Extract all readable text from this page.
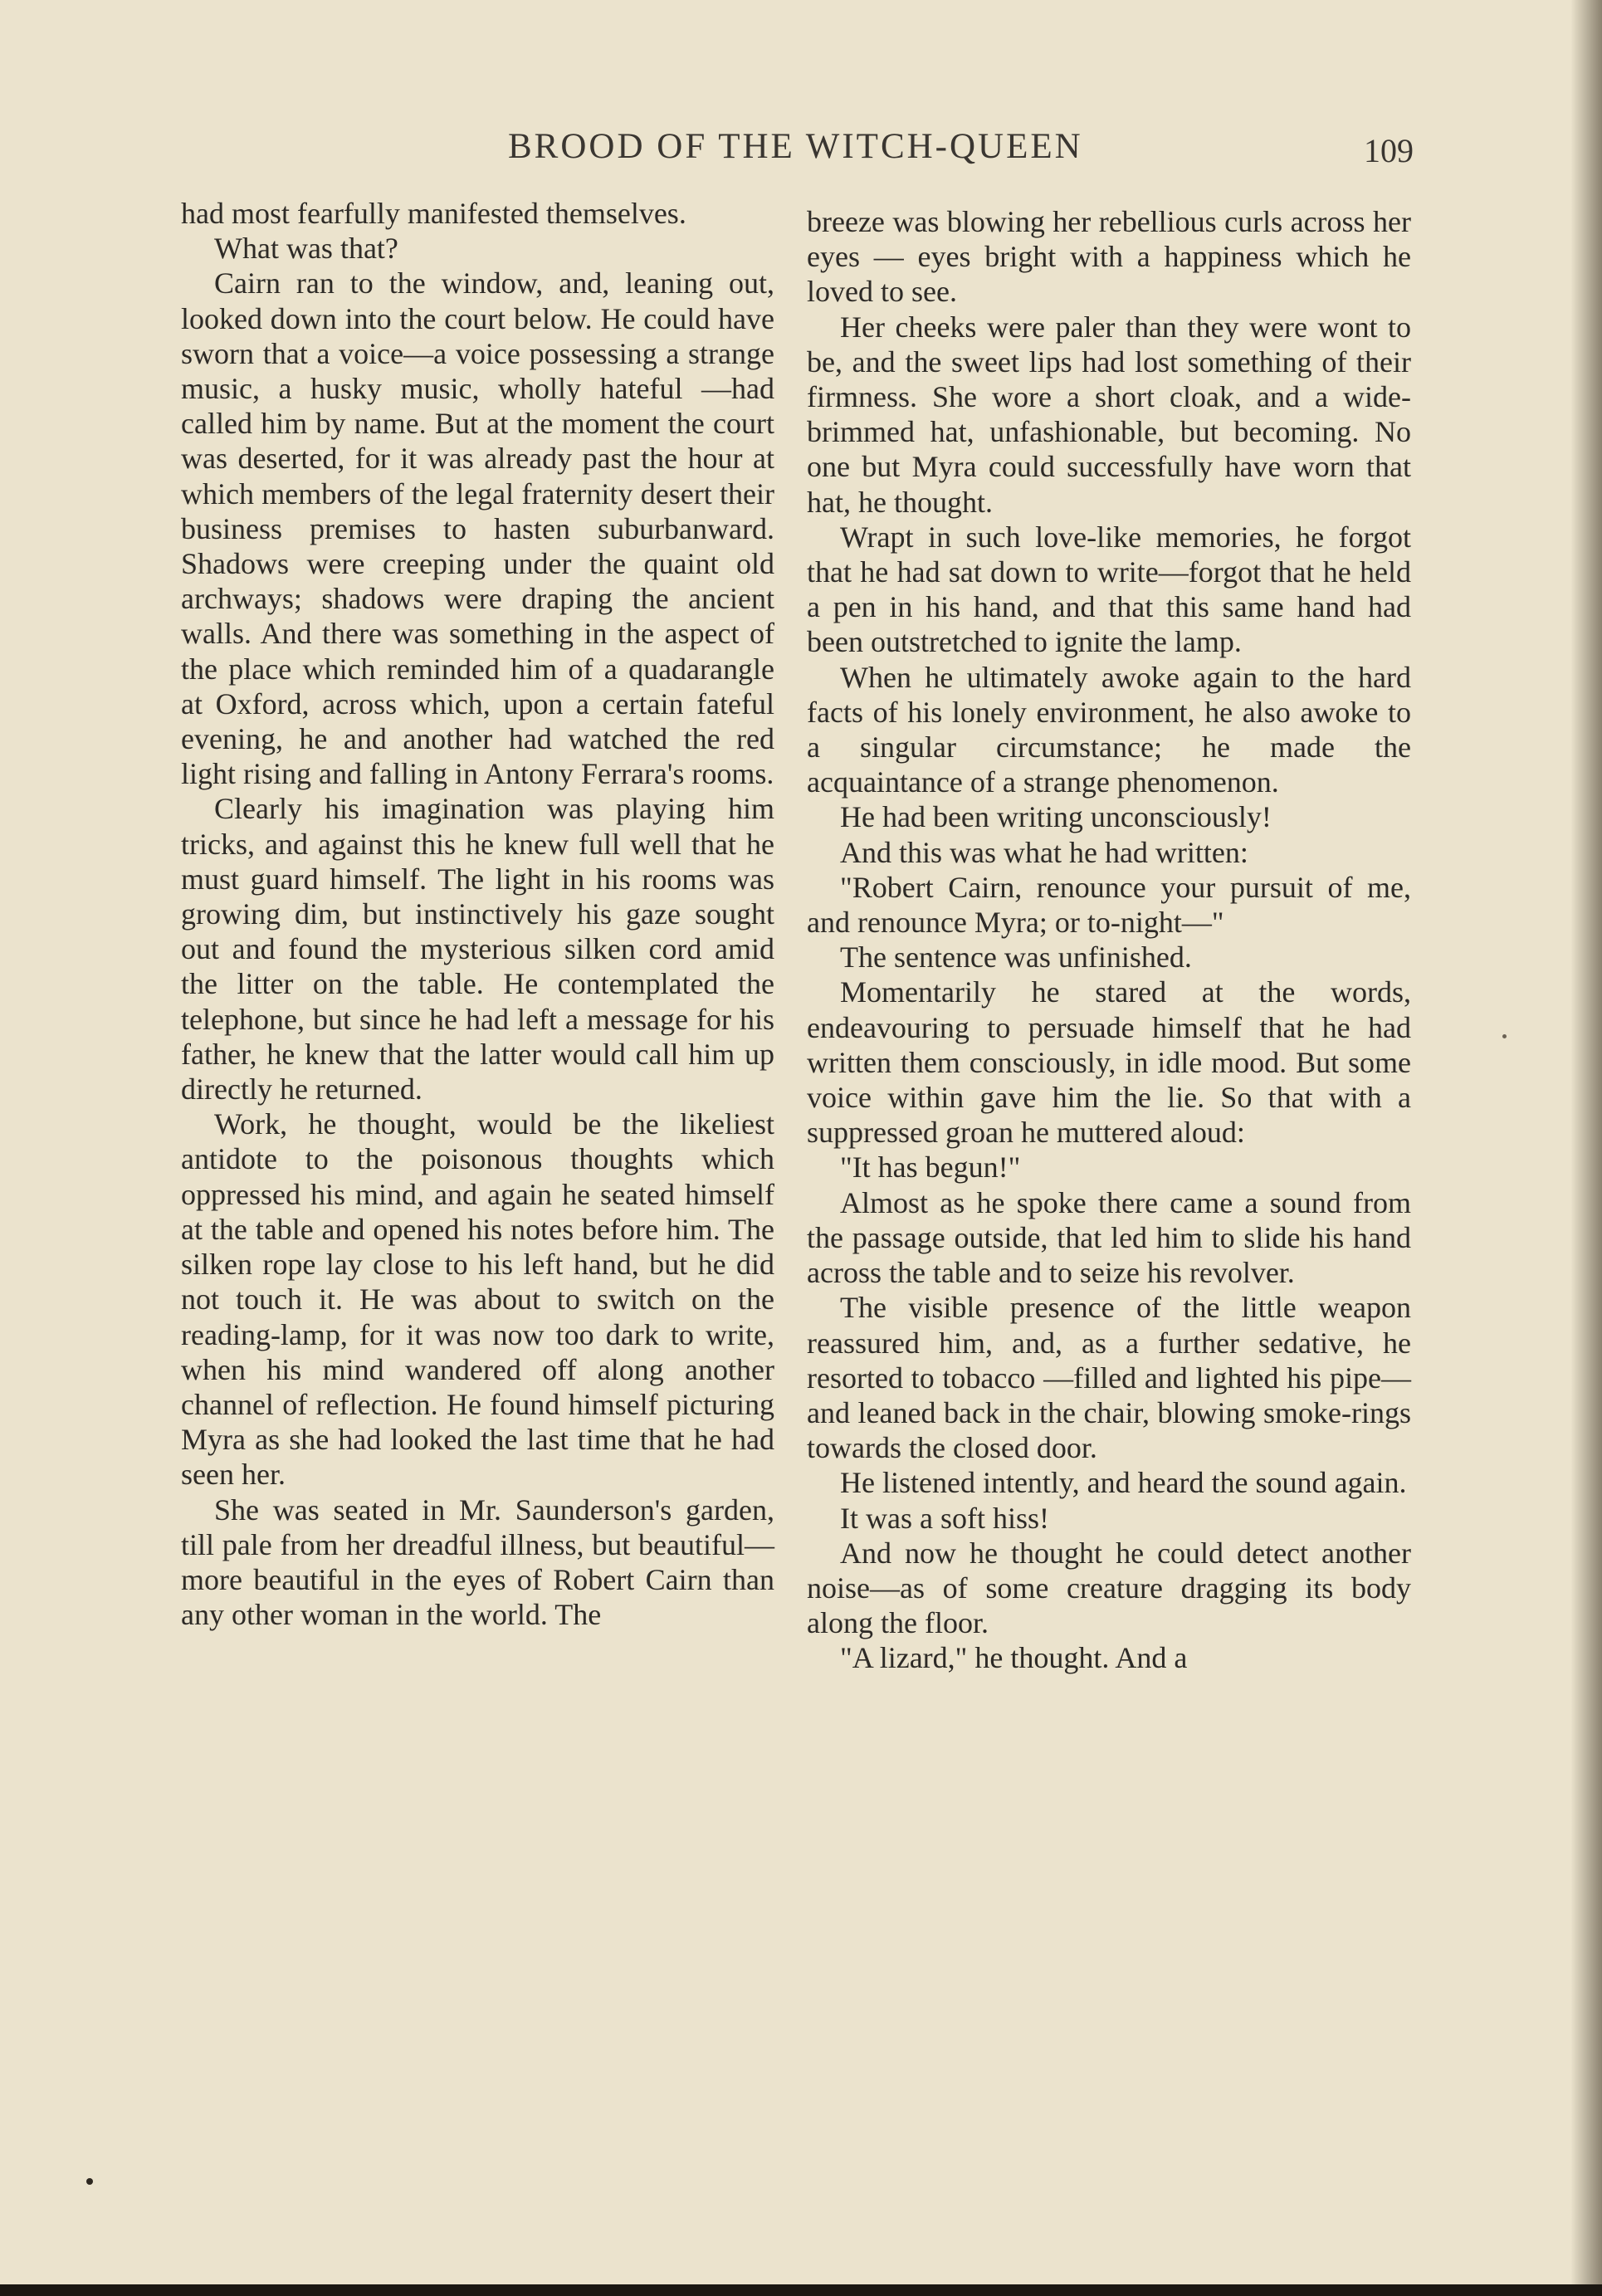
BROOD OF THE WITCH-QUEEN	109

had most fearfully manifested themselves.

What was that?

Cairn ran to the window, and, leaning out, looked down into the court below. He could have sworn that a voice—a voice possessing a strange music, a husky music, wholly hateful —had called him by name. But at the moment the court was deserted, for it was already past the hour at which members of the legal fraternity desert their business premises to hasten suburbanward. Shadows were creeping under the quaint old archways; shadows were draping the ancient walls. And there was something in the aspect of the place which reminded him of a quadarangle at Oxford, across which, upon a certain fateful evening, he and another had watched the red light rising and falling in Antony Ferrara's rooms.

Clearly his imagination was playing him tricks, and against this he knew full well that he must guard himself. The light in his rooms was growing dim, but instinctively his gaze sought out and found the mysterious silken cord amid the litter on the table. He contemplated the telephone, but since he had left a message for his father, he knew that the latter would call him up directly he returned.

Work, he thought, would be the likeliest antidote to the poisonous thoughts which oppressed his mind, and again he seated himself at the table and opened his notes before him. The silken rope lay close to his left hand, but he did not touch it. He was about to switch on the reading-lamp, for it was now too dark to write, when his mind wandered off along another channel of reflection. He found himself picturing Myra as she had looked the last time that he had seen her.

She was seated in Mr. Saunderson's garden, till pale from her dreadful illness, but beautiful—more beautiful in the eyes of Robert Cairn than any other woman in the world. The

breeze was blowing her rebellious curls across her eyes — eyes bright with a happiness which he loved to see.

Her cheeks were paler than they were wont to be, and the sweet lips had lost something of their firmness. She wore a short cloak, and a wide-brimmed hat, unfashionable, but becoming. No one but Myra could successfully have worn that hat, he thought.

Wrapt in such love-like memories, he forgot that he had sat down to write—forgot that he held a pen in his hand, and that this same hand had been outstretched to ignite the lamp.

When he ultimately awoke again to the hard facts of his lonely environment, he also awoke to a singular circumstance; he made the acquaintance of a strange phenomenon.

He had been writing unconsciously!

And this was what he had written:

"Robert Cairn, renounce your pursuit of me, and renounce Myra; or to-night—"

The sentence was unfinished.

Momentarily he stared at the words, endeavouring to persuade himself that he had written them consciously, in idle mood. But some voice within gave him the lie. So that with a suppressed groan he muttered aloud:

"It has begun!"

Almost as he spoke there came a sound from the passage outside, that led him to slide his hand across the table and to seize his revolver.

The visible presence of the little weapon reassured him, and, as a further sedative, he resorted to tobacco —filled and lighted his pipe—and leaned back in the chair, blowing smoke-rings towards the closed door.

He listened intently, and heard the sound again.

It was a soft hiss!

And now he thought he could detect another noise—as of some creature dragging its body along the floor.

"A lizard," he thought. And a
